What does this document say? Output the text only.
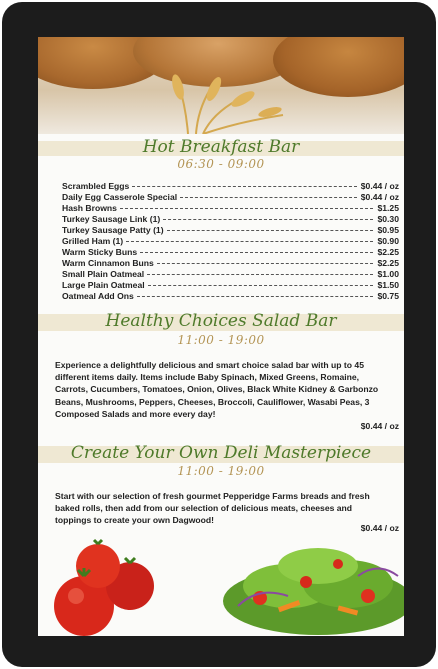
Hot Breakfast Bar
06:30 - 09:00
Scrambled Eggs	$0.44 / oz
Daily Egg Casserole Special	$0.44 / oz
Hash Browns	$1.25
Turkey Sausage Link (1)	$0.30
Turkey Sausage Patty (1)	$0.95
Grilled Ham (1)	$0.90
Warm Sticky Buns	$2.25
Warm Cinnamon Buns	$2.25
Small Plain Oatmeal	$1.00
Large Plain Oatmeal	$1.50
Oatmeal Add Ons	$0.75
Healthy Choices Salad Bar
11:00 - 19:00
Experience a delightfully delicious and smart choice salad bar with up to 45 different items daily. Items include Baby Spinach, Mixed Greens, Romaine, Carrots, Cucumbers, Tomatoes, Onion, Olives, Black White Kidney & Garbonzo Beans, Mushrooms, Peppers, Cheeses, Broccoli, Cauliflower, Wasabi Peas, 3 Composed Salads and more every day!
$0.44 / oz
Create Your Own Deli Masterpiece
11:00 - 19:00
Start with our selection of fresh gourmet Pepperidge Farms breads and fresh baked rolls, then add from our selection of delicious meats, cheeses and toppings to create your own Dagwood!
$0.44 / oz
